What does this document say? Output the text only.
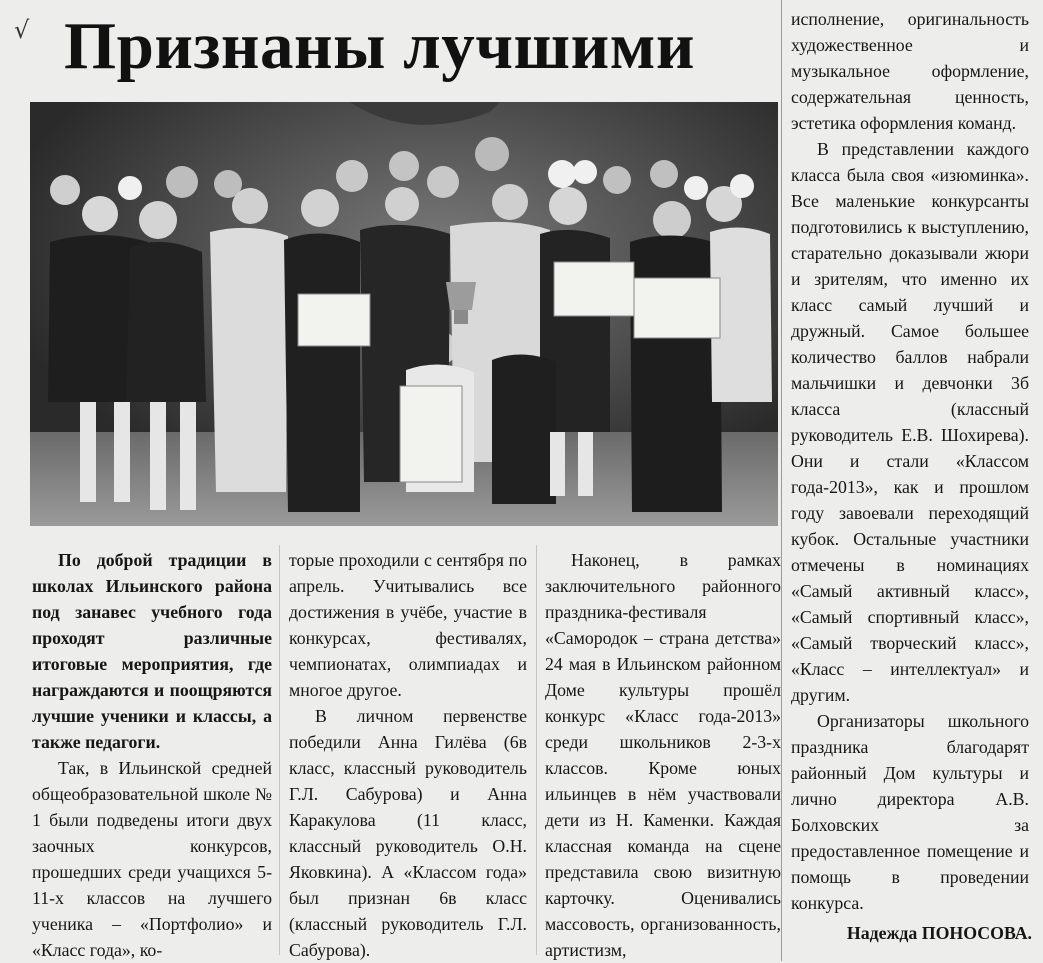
√ Признаны лучшими

По доброй традиции в школах Ильинского района под занавес учебного года проходят различные итоговые мероприятия, где награждаются и поощряются лучшие ученики и классы, а также педагоги.

Так, в Ильинской средней общеобразовательной школе № 1 были подведены итоги двух заочных конкурсов, прошедших среди учащихся 5-11-х классов на лучшего ученика – «Портфолио» и «Класс года», ко-

торые проходили с сентября по апрель. Учитывались все достижения в учёбе, участие в конкурсах, фестивалях, чемпионатах, олимпиадах и многое другое.

В личном первенстве победили Анна Гилёва (6в класс, классный руководитель Г.Л. Сабурова) и Анна Каракулова (11 класс, классный руководитель О.Н. Яковкина). А «Классом года» был признан 6в класс (классный руководитель Г.Л. Сабурова).

Наконец, в рамках заключительного районного праздника-фестиваля «Самородок – страна детства» 24 мая в Ильинском районном Доме культуры прошёл конкурс «Класс года-2013» среди школьников 2-3-х классов. Кроме юных ильинцев в нём участвовали дети из Н. Каменки. Каждая классная команда на сцене представила свою визитную карточку. Оценивались массовость, организованность, артистизм,

исполнение, оригинальность художественное и музыкальное оформление, содержательная ценность, эстетика оформления команд.

В представлении каждого класса была своя «изюминка». Все маленькие конкурсанты подготовились к выступлению, старательно доказывали жюри и зрителям, что именно их класс самый лучший и дружный. Самое большее количество баллов набрали мальчишки и девчонки 3б класса (классный руководитель Е.В. Шохирева). Они и стали «Классом года-2013», как и прошлом году завоевали переходящий кубок. Остальные участники отмечены в номинациях «Самый активный класс», «Самый спортивный класс», «Самый творческий класс», «Класс – интеллектуал» и другим.

Организаторы школьного праздника благодарят районный Дом культуры и лично директора А.В. Болховских за предоставленное помещение и помощь в проведении конкурса.

Надежда ПОНОСОВА.
